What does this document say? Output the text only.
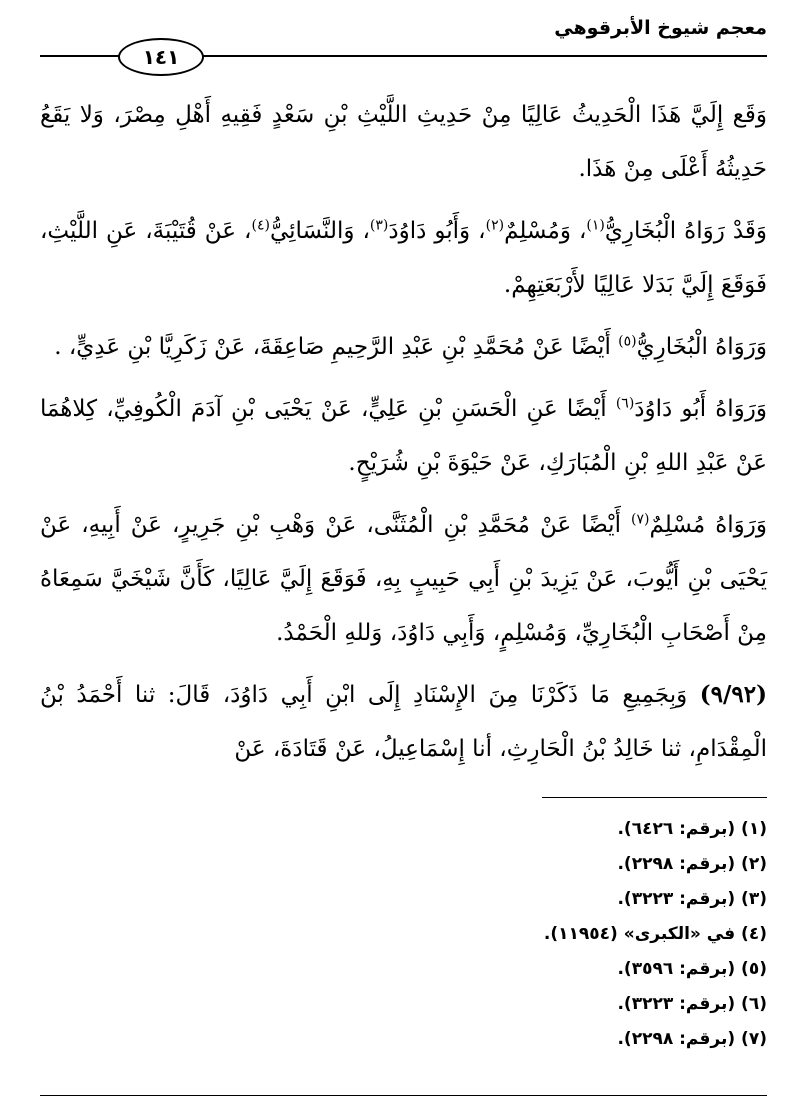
معجم شيوخ الأبرقوهي
١٤١

وَقَع إِلَيَّ هَذَا الْحَدِيثُ عَالِيًا مِنْ حَدِيثِ اللَّيْثِ بْنِ سَعْدٍ فَقِيهِ أَهْلِ مِصْرَ، وَلا يَقَعُ حَدِيثُهُ أَعْلَى مِنْ هَذَا.

وَقَدْ رَوَاهُ الْبُخَارِيُّ$^{(١)}$، وَمُسْلِمٌ$^{(٢)}$، وَأَبُو دَاوُدَ$^{(٣)}$، وَالنَّسَائِيُّ$^{(٤)}$، عَنْ قُتَيْبَةَ، عَنِ اللَّيْثِ، فَوَقَعَ إِلَيَّ بَدَلا عَالِيًا لأَرْبَعَتِهِمْ.

وَرَوَاهُ الْبُخَارِيُّ$^{(٥)}$ أَيْضًا عَنْ مُحَمَّدِ بْنِ عَبْدِ الرَّحِيمِ صَاعِقَةَ، عَنْ زَكَرِيَّا بْنِ عَدِيٍّ، .

وَرَوَاهُ أَبُو دَاوُدَ$^{(٦)}$ أَيْضًا عَنِ الْحَسَنِ بْنِ عَلِيٍّ، عَنْ يَحْيَى بْنِ آدَمَ الْكُوفِيِّ، كِلاهُمَا عَنْ عَبْدِ اللهِ بْنِ الْمُبَارَكِ، عَنْ حَيْوَةَ بْنِ شُرَيْحٍ.

وَرَوَاهُ مُسْلِمٌ$^{(٧)}$ أَيْضًا عَنْ مُحَمَّدِ بْنِ الْمُثَنَّى، عَنْ وَهْبِ بْنِ جَرِيرٍ، عَنْ أَبِيهِ، عَنْ يَحْيَى بْنِ أَيُّوبَ، عَنْ يَزِيدَ بْنِ أَبِي حَبِيبٍ بِهِ، فَوَقَعَ إِلَيَّ عَالِيًا، كَأَنَّ شَيْخَيَّ سَمِعَاهُ مِنْ أَصْحَابِ الْبُخَارِيِّ، وَمُسْلِمٍ، وَأَبِي دَاوُدَ، وَللهِ الْحَمْدُ.

(٩/٩٢) وَبِجَمِيعِ مَا ذَكَرْنَا مِنَ الإِسْنَادِ إِلَى ابْنِ أَبِي دَاوُدَ، قَالَ: ثنا أَحْمَدُ بْنُ الْمِقْدَامِ، ثنا خَالِدُ بْنُ الْحَارِثِ، أنا إِسْمَاعِيلُ، عَنْ قَتَادَةَ، عَنْ

(١) (برقم: ٦٤٢٦).
(٢) (برقم: ٢٢٩٨).
(٣) (برقم: ٣٢٢٣).
(٤) في «الكبرى» (١١٩٥٤).
(٥) (برقم: ٣٥٩٦).
(٦) (برقم: ٣٢٢٣).
(٧) (برقم: ٢٢٩٨).
